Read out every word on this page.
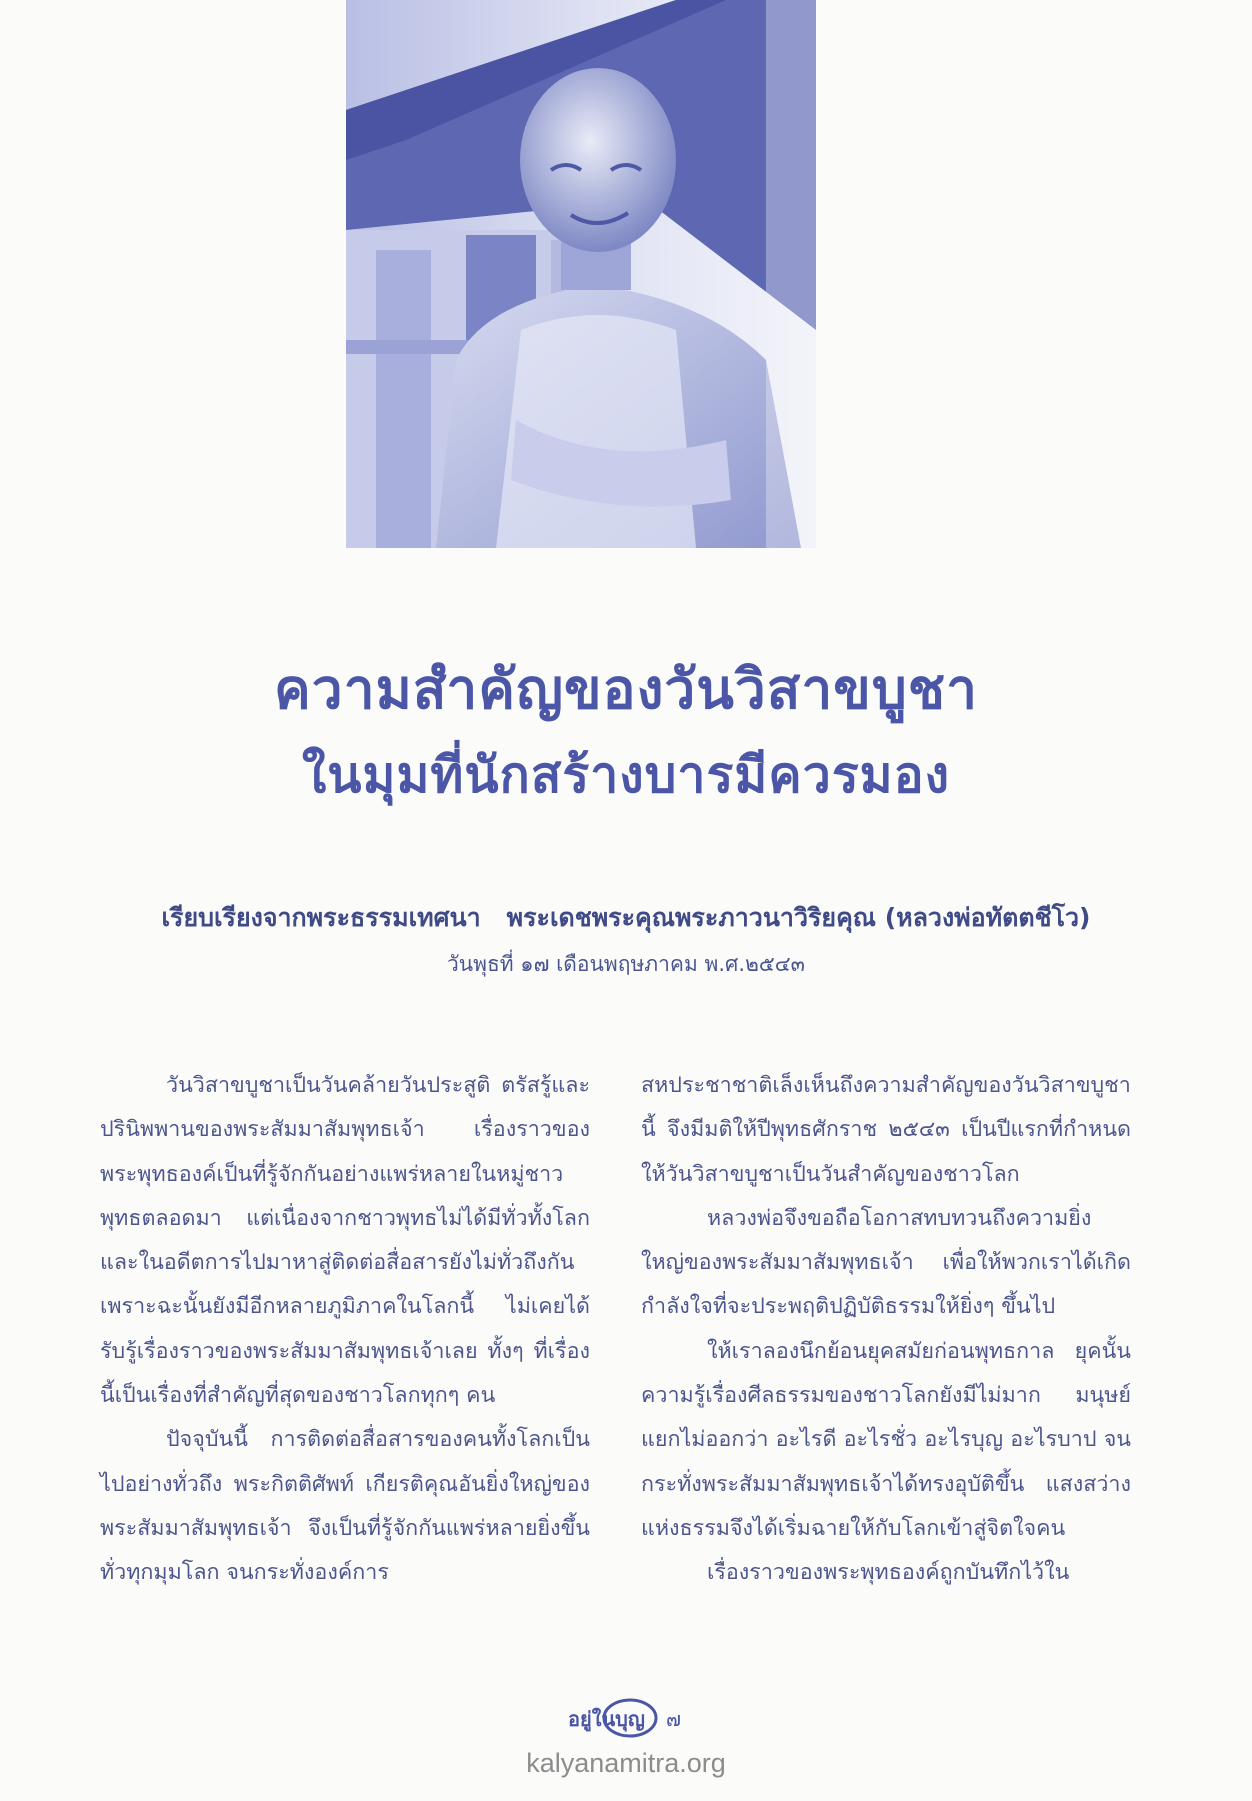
ความสำคัญของวันวิสาขบูชา
ในมุมที่นักสร้างบารมีควรมอง
เรียบเรียงจากพระธรรมเทศนา พระเดชพระคุณพระภาวนาวิริยคุณ (หลวงพ่อทัตตชีโว)
วันพุธที่ ๑๗ เดือนพฤษภาคม พ.ศ.๒๕๔๓

วันวิสาขบูชาเป็นวันคล้ายวันประสูติ ตรัสรู้และปรินิพพานของพระสัมมาสัมพุทธเจ้า เรื่องราวของพระพุทธองค์เป็นที่รู้จักกันอย่างแพร่หลายในหมู่ชาวพุทธตลอดมา แต่เนื่องจากชาวพุทธไม่ได้มีทั่วทั้งโลก และในอดีตการไปมาหาสู่ติดต่อสื่อสารยังไม่ทั่วถึงกัน เพราะฉะนั้นยังมีอีกหลายภูมิภาคในโลกนี้ ไม่เคยได้รับรู้เรื่องราวของพระสัมมาสัมพุทธเจ้าเลย ทั้งๆ ที่เรื่องนี้เป็นเรื่องที่สำคัญที่สุดของชาวโลกทุกๆ คน

ปัจจุบันนี้ การติดต่อสื่อสารของคนทั้งโลกเป็นไปอย่างทั่วถึง พระกิตติศัพท์ เกียรติคุณอันยิ่งใหญ่ของพระสัมมาสัมพุทธเจ้า จึงเป็นที่รู้จักกันแพร่หลายยิ่งขึ้นทั่วทุกมุมโลก จนกระทั่งองค์การ

สหประชาชาติเล็งเห็นถึงความสำคัญของวันวิสาขบูชานี้ จึงมีมติให้ปีพุทธศักราช ๒๕๔๓ เป็นปีแรกที่กำหนดให้วันวิสาขบูชาเป็นวันสำคัญของชาวโลก

หลวงพ่อจึงขอถือโอกาสทบทวนถึงความยิ่งใหญ่ของพระสัมมาสัมพุทธเจ้า เพื่อให้พวกเราได้เกิดกำลังใจที่จะประพฤติปฏิบัติธรรมให้ยิ่งๆ ขึ้นไป

ให้เราลองนึกย้อนยุคสมัยก่อนพุทธกาล ยุคนั้นความรู้เรื่องศีลธรรมของชาวโลกยังมีไม่มาก มนุษย์แยกไม่ออกว่า อะไรดี อะไรชั่ว อะไรบุญ อะไรบาป จนกระทั่งพระสัมมาสัมพุทธเจ้าได้ทรงอุบัติขึ้น แสงสว่างแห่งธรรมจึงได้เริ่มฉายให้กับโลกเข้าสู่จิตใจคน

เรื่องราวของพระพุทธองค์ถูกบันทึกไว้ใน

อยู่ในบุญ ๗
kalyanamitra.org
